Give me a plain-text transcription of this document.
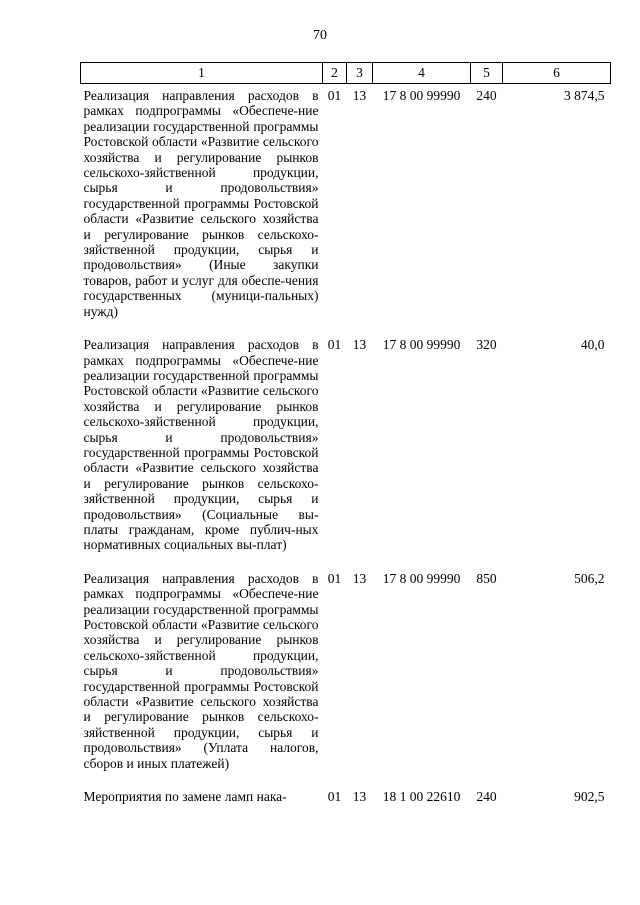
70
1	2	3	4	5	6
Реализация направления расходов в рамках подпрограммы «Обеспече-ние реализации государственной программы Ростовской области «Развитие сельского хозяйства и регулирование рынков сельскохо-зяйственной продукции, сырья и продовольствия» государственной программы Ростовской области «Развитие сельского хозяйства и регулирование рынков сельскохо-зяйственной продукции, сырья и продовольствия» (Иные закупки товаров, работ и услуг для обеспе-чения государственных (муници-пальных) нужд)	01	13	17 8 00 99990	240	3 874,5
Реализация направления расходов в рамках подпрограммы «Обеспече-ние реализации государственной программы Ростовской области «Развитие сельского хозяйства и регулирование рынков сельскохо-зяйственной продукции, сырья и продовольствия» государственной программы Ростовской области «Развитие сельского хозяйства и регулирование рынков сельскохо-зяйственной продукции, сырья и продовольствия» (Социальные вы-платы гражданам, кроме публич-ных нормативных социальных вы-плат)	01	13	17 8 00 99990	320	40,0
Реализация направления расходов в рамках подпрограммы «Обеспече-ние реализации государственной программы Ростовской области «Развитие сельского хозяйства и регулирование рынков сельскохо-зяйственной продукции, сырья и продовольствия» государственной программы Ростовской области «Развитие сельского хозяйства и регулирование рынков сельскохо-зяйственной продукции, сырья и продовольствия» (Уплата налогов, сборов и иных платежей)	01	13	17 8 00 99990	850	506,2
Мероприятия по замене ламп нака-	01	13	18 1 00 22610	240	902,5
